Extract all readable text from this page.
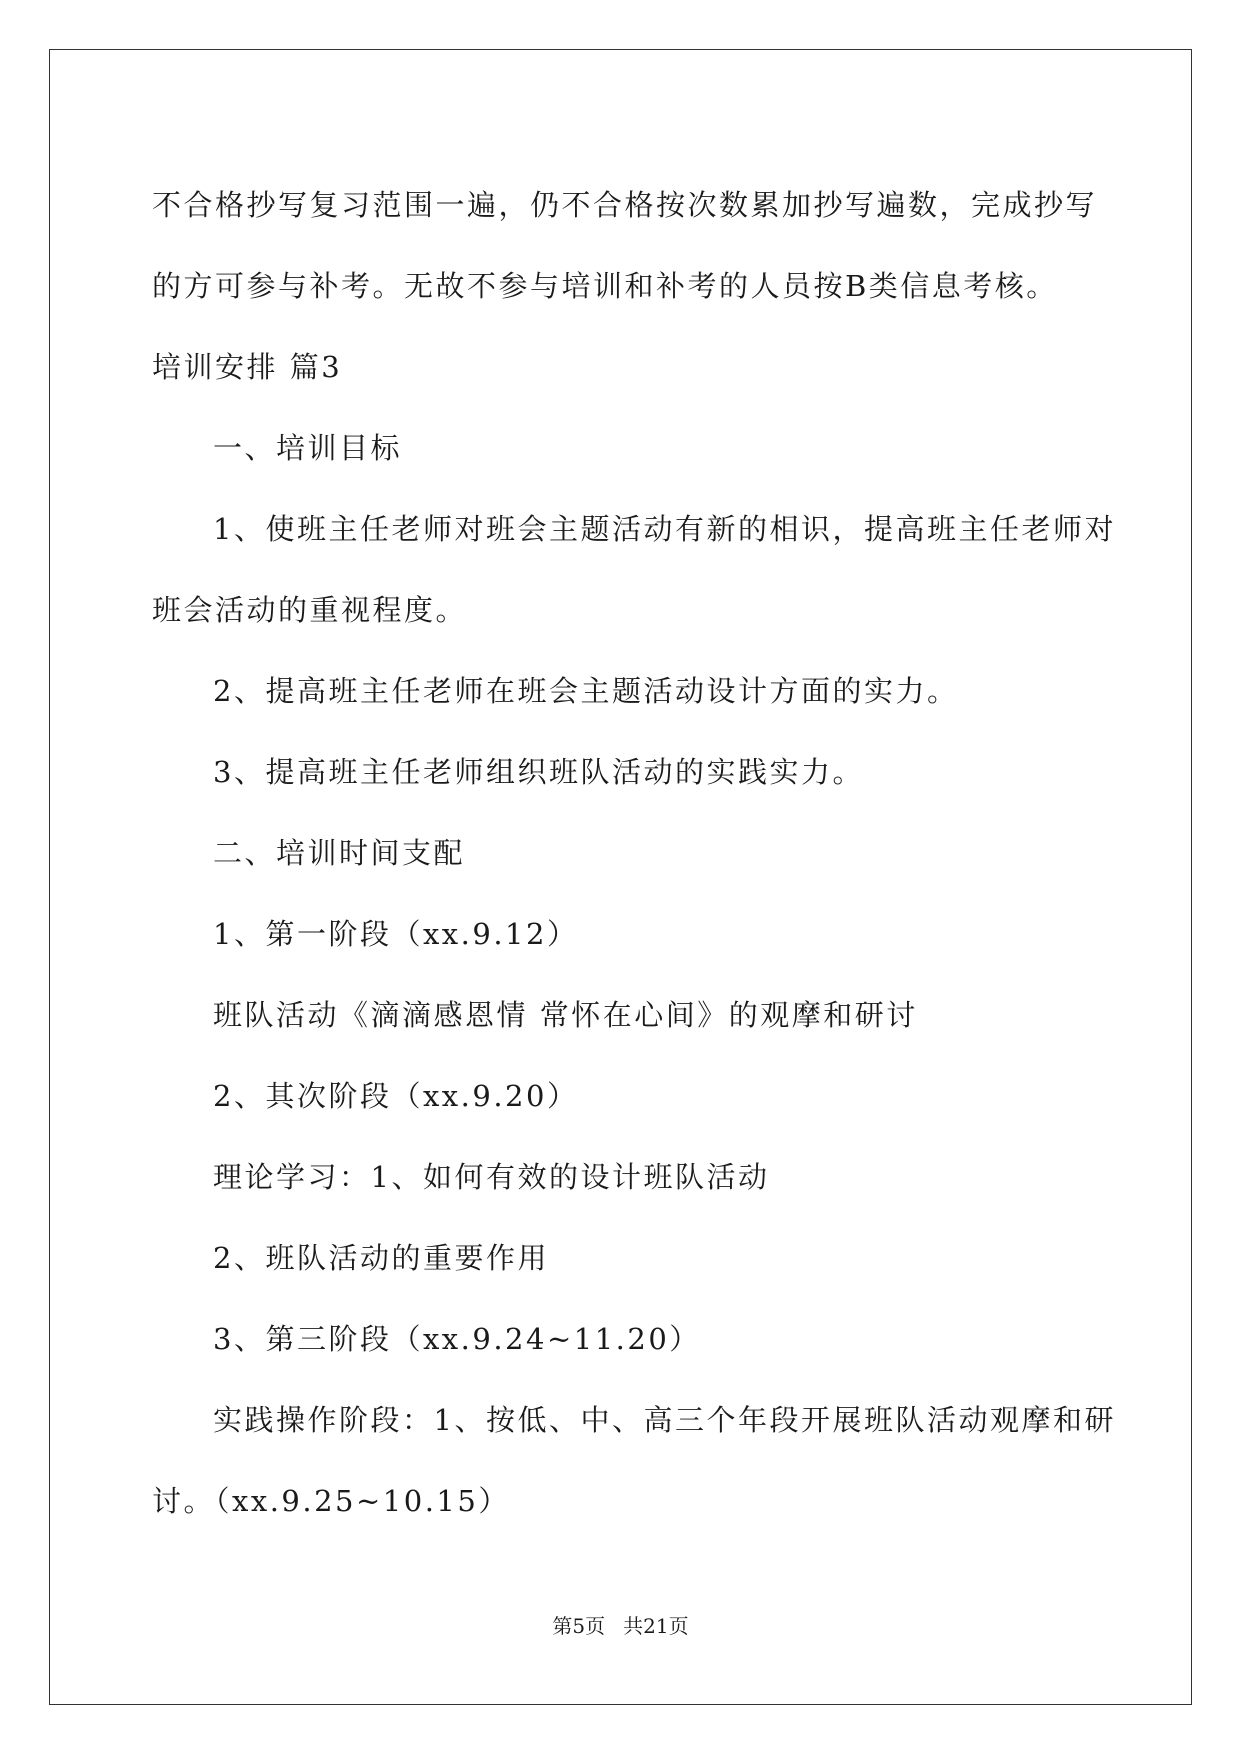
不合格抄写复习范围一遍，仍不合格按次数累加抄写遍数，完成抄写
的方可参与补考。无故不参与培训和补考的人员按B类信息考核。
培训安排 篇3
一、培训目标
1、使班主任老师对班会主题活动有新的相识，提高班主任老师对
班会活动的重视程度。
2、提高班主任老师在班会主题活动设计方面的实力。
3、提高班主任老师组织班队活动的实践实力。
二、培训时间支配
1、第一阶段（xx.9.12）
班队活动《滴滴感恩情 常怀在心间》的观摩和研讨
2、其次阶段（xx.9.20）
理论学习：1、如何有效的设计班队活动
2、班队活动的重要作用
3、第三阶段（xx.9.24~11.20）
实践操作阶段：1、按低、中、高三个年段开展班队活动观摩和研
讨。（xx.9.25~10.15）
第5页 共21页
